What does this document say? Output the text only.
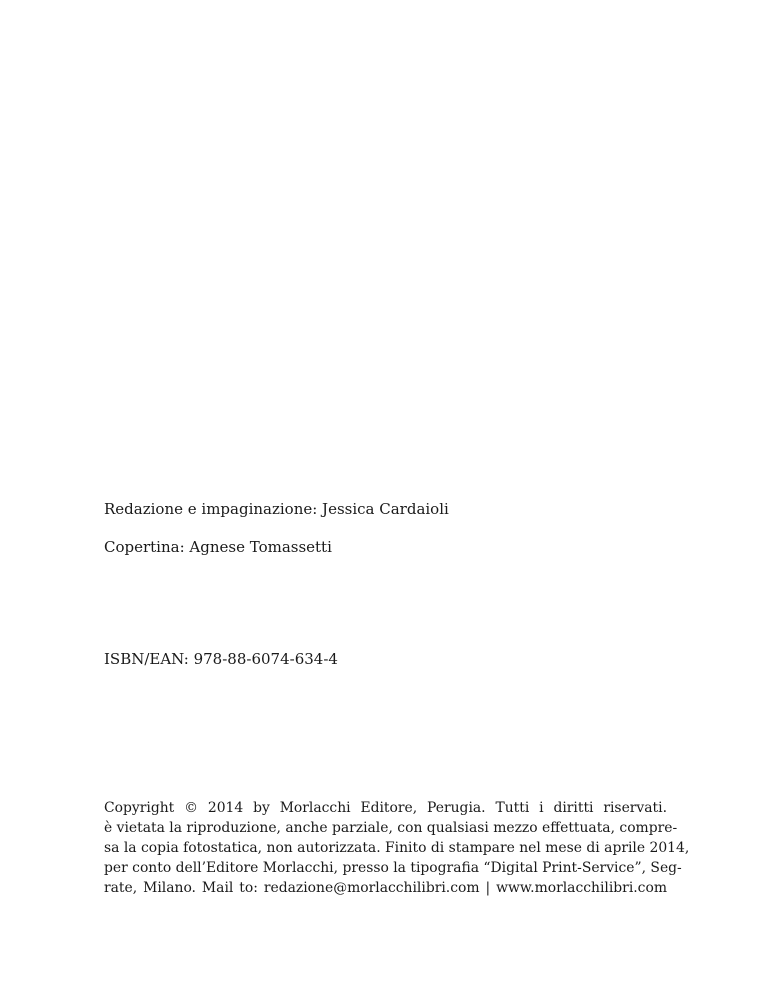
Redazione e impaginazione: Jessica Cardaioli

Copertina: Agnese Tomassetti

ISBN/EAN: 978-88-6074-634-4

Copyright © 2014 by Morlacchi Editore, Perugia. Tutti i diritti riservati.
è vietata la riproduzione, anche parziale, con qualsiasi mezzo effettuata, compre-
sa la copia fotostatica, non autorizzata. Finito di stampare nel mese di aprile 2014,
per conto dell’Editore Morlacchi, presso la tipografia “Digital Print-Service”, Seg-
rate, Milano. Mail to: redazione@morlacchilibri.com | www.morlacchilibri.com
